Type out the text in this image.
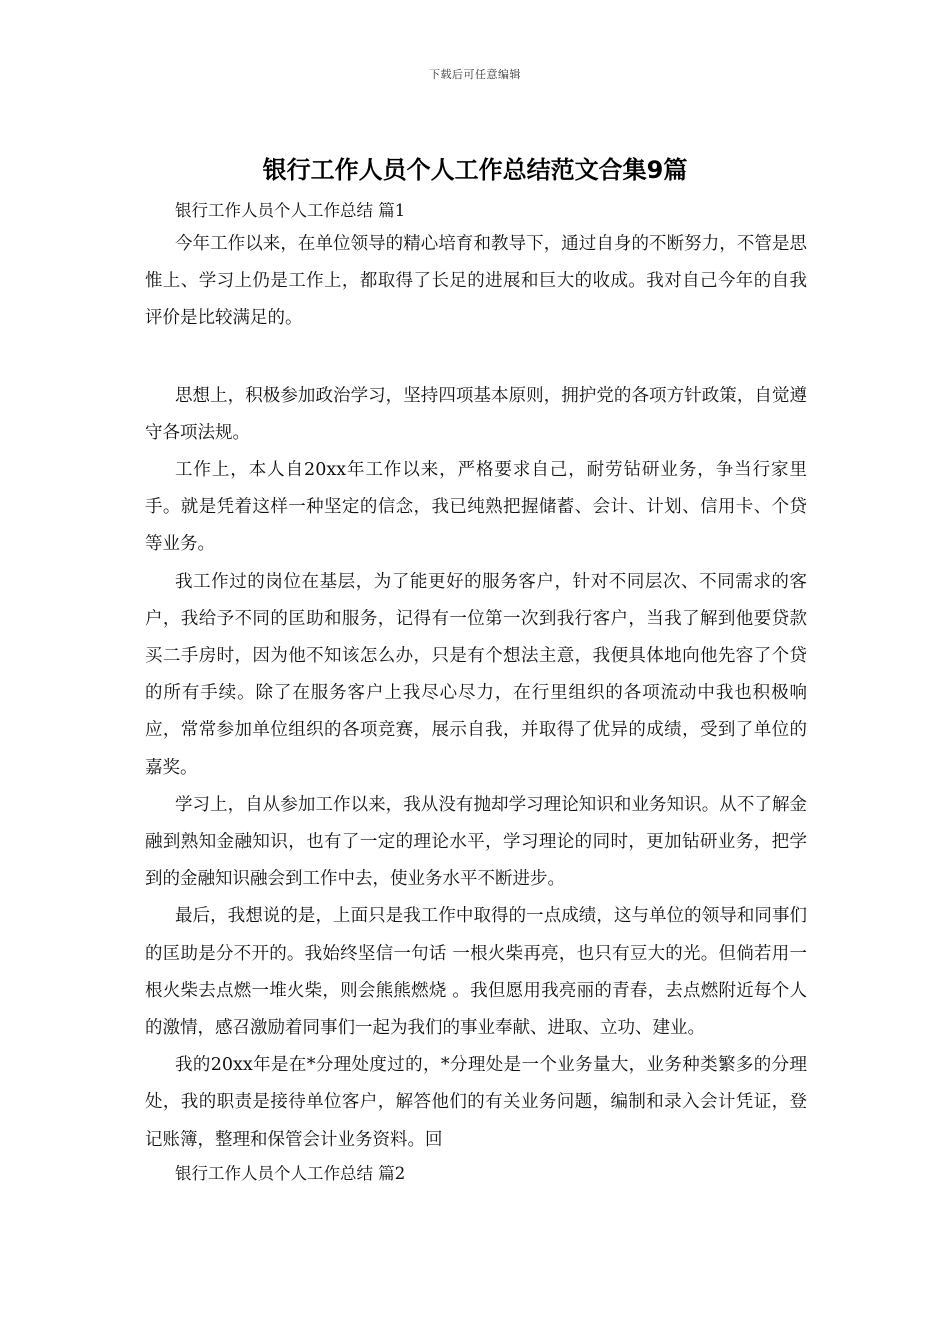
下载后可任意编辑
银行工作人员个人工作总结范文合集9篇

银行工作人员个人工作总结 篇1

今年工作以来，在单位领导的精心培育和教导下，通过自身的不断努力，不管是思惟上、学习上仍是工作上，都取得了长足的进展和巨大的收成。我对自己今年的自我评价是比较满足的。

思想上，积极参加政治学习，坚持四项基本原则，拥护党的各项方针政策，自觉遵守各项法规。

工作上，本人自20xx年工作以来，严格要求自己，耐劳钻研业务，争当行家里手。就是凭着这样一种坚定的信念，我已纯熟把握储蓄、会计、计划、信用卡、个贷等业务。

我工作过的岗位在基层，为了能更好的服务客户，针对不同层次、不同需求的客户，我给予不同的匡助和服务，记得有一位第一次到我行客户，当我了解到他要贷款买二手房时，因为他不知该怎么办，只是有个想法主意，我便具体地向他先容了个贷的所有手续。除了在服务客户上我尽心尽力，在行里组织的各项流动中我也积极响应，常常参加单位组织的各项竞赛，展示自我，并取得了优异的成绩，受到了单位的嘉奖。

学习上，自从参加工作以来，我从没有抛却学习理论知识和业务知识。从不了解金融到熟知金融知识，也有了一定的理论水平，学习理论的同时，更加钻研业务，把学到的金融知识融会到工作中去，使业务水平不断进步。

最后，我想说的是，上面只是我工作中取得的一点成绩，这与单位的领导和同事们的匡助是分不开的。我始终坚信一句话 一根火柴再亮，也只有豆大的光。但倘若用一根火柴去点燃一堆火柴，则会熊熊燃烧 。我但愿用我亮丽的青春，去点燃附近每个人的激情，感召激励着同事们一起为我们的事业奉献、进取、立功、建业。

我的20xx年是在*分理处度过的，*分理处是一个业务量大，业务种类繁多的分理处，我的职责是接待单位客户，解答他们的有关业务问题，编制和录入会计凭证，登记账簿，整理和保管会计业务资料。回

银行工作人员个人工作总结 篇2
